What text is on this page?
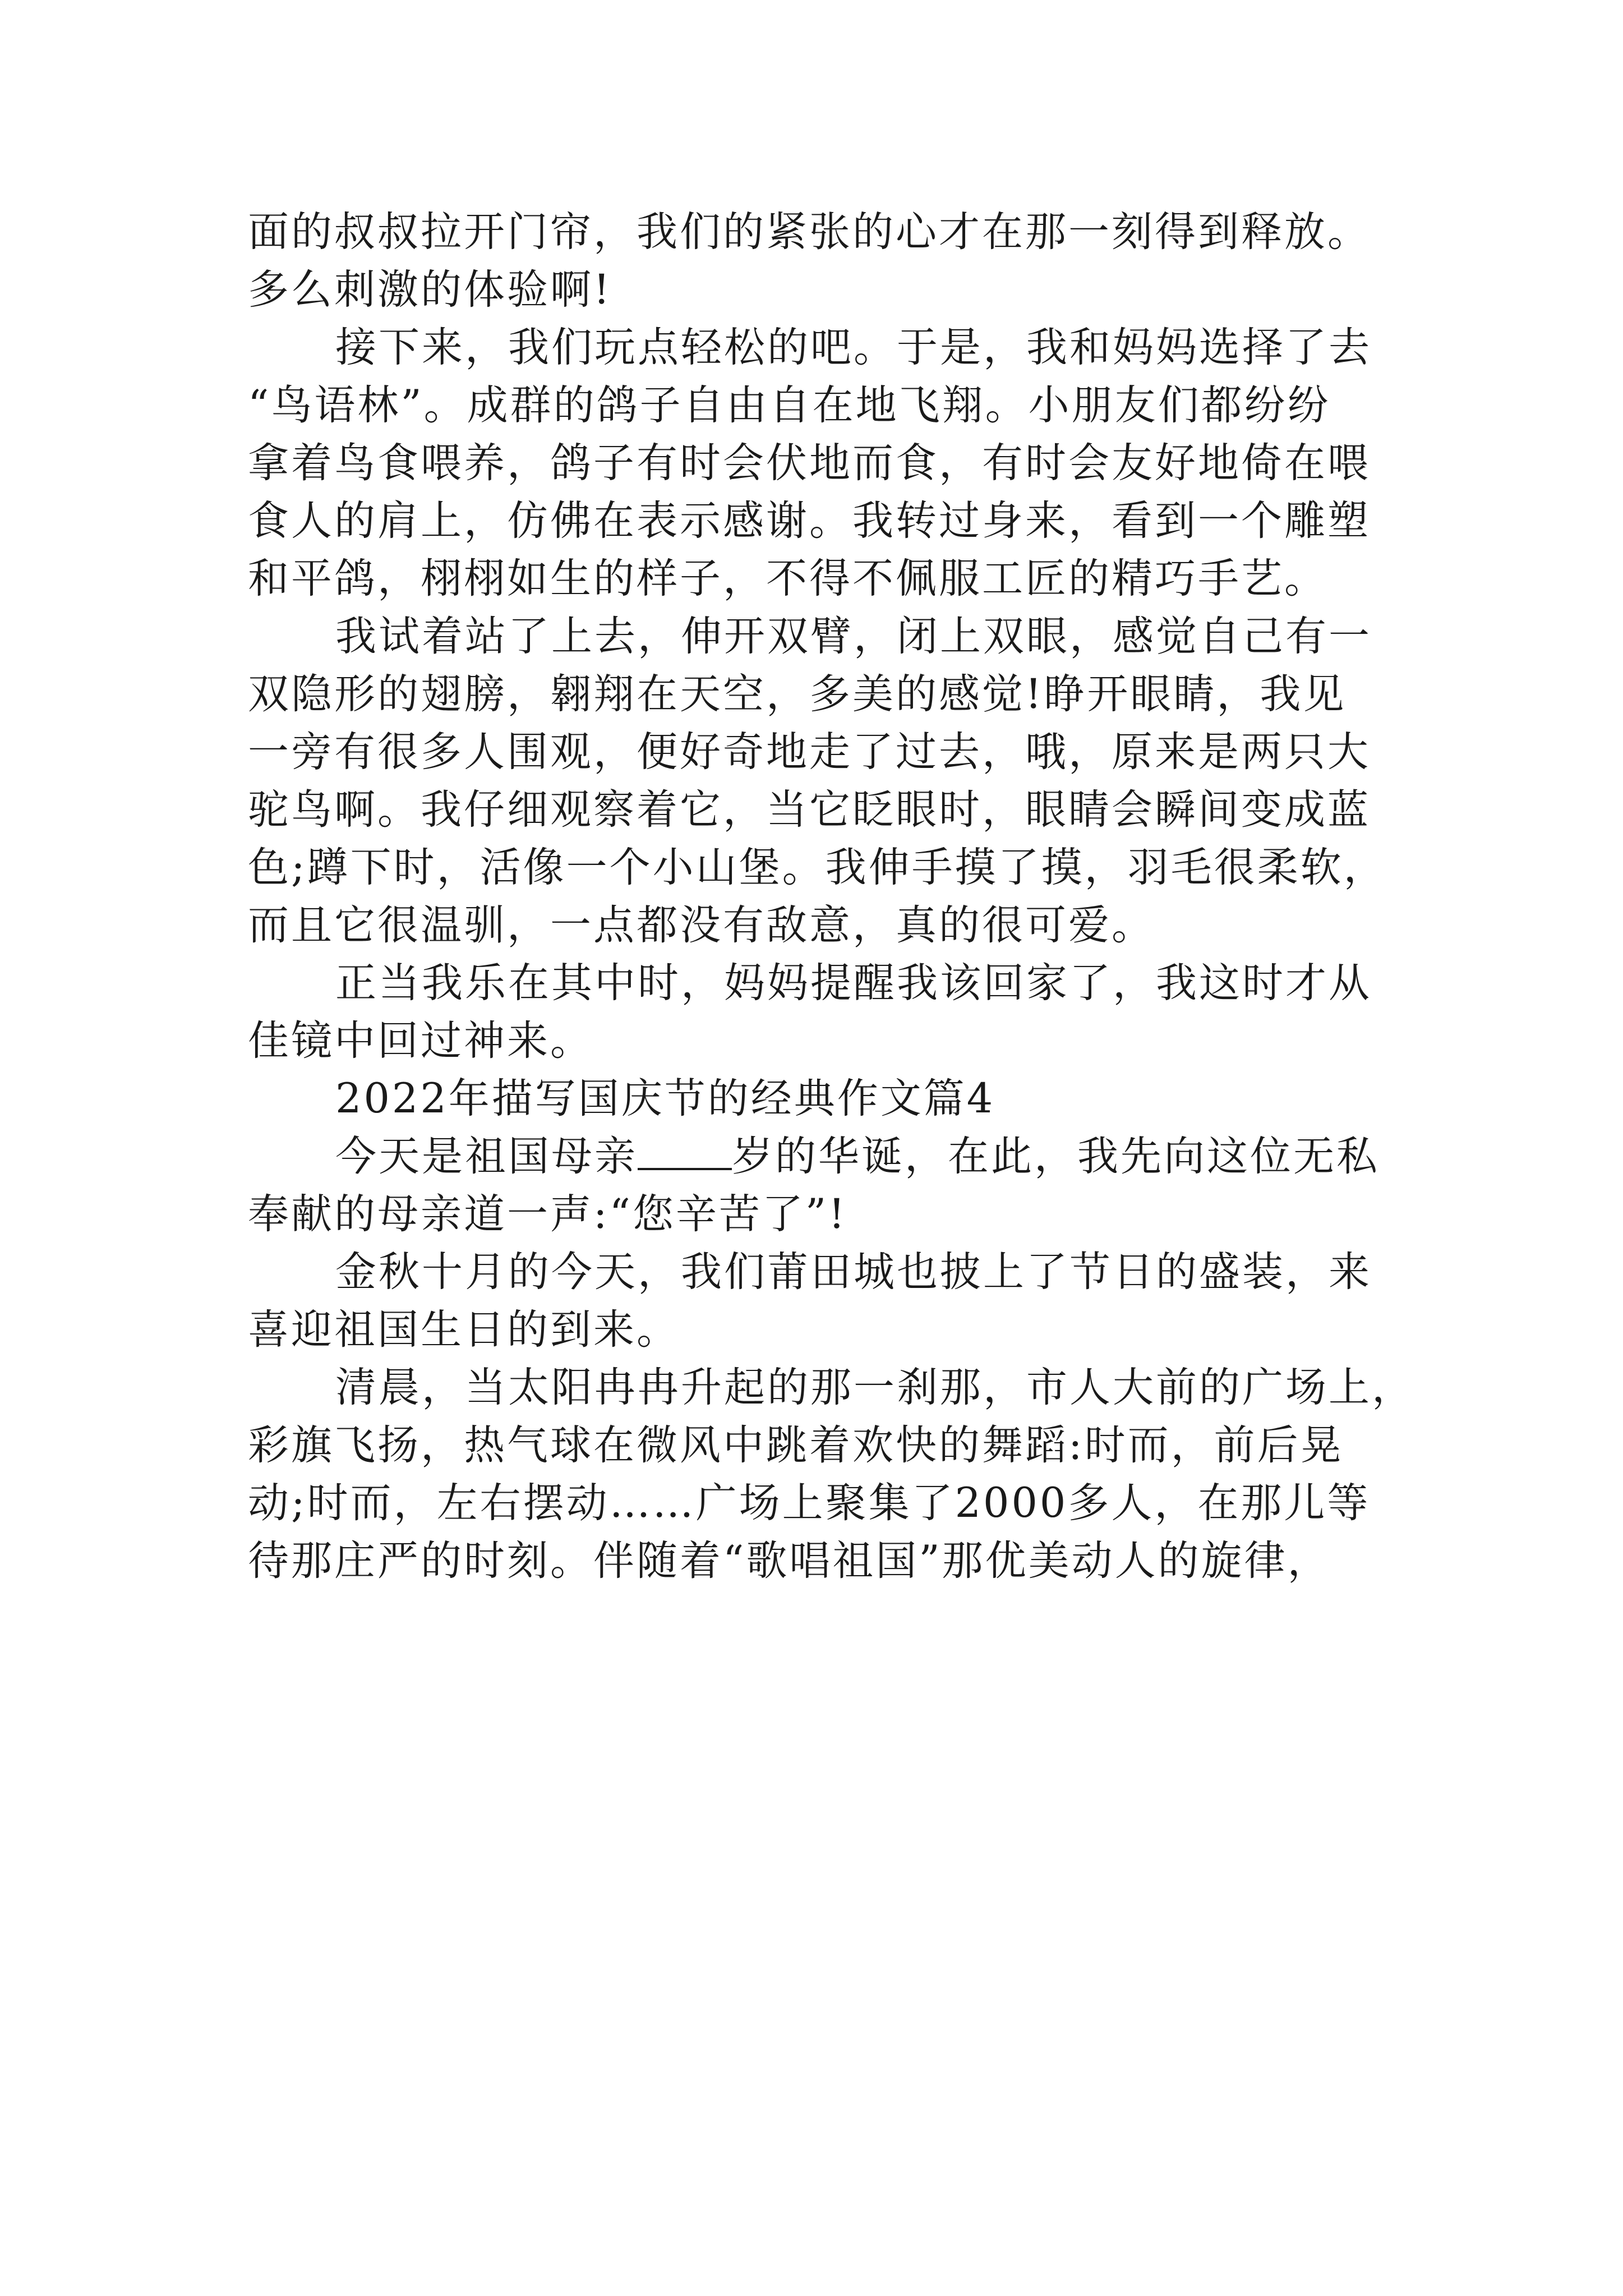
面的叔叔拉开门帘，我们的紧张的心才在那一刻得到释放。
多么刺激的体验啊!
接下来，我们玩点轻松的吧。于是，我和妈妈选择了去
“鸟语林”。成群的鸽子自由自在地飞翔。小朋友们都纷纷
拿着鸟食喂养，鸽子有时会伏地而食，有时会友好地倚在喂
食人的肩上，仿佛在表示感谢。我转过身来，看到一个雕塑
和平鸽，栩栩如生的样子，不得不佩服工匠的精巧手艺。
我试着站了上去，伸开双臂，闭上双眼，感觉自己有一
双隐形的翅膀，翱翔在天空，多美的感觉!睁开眼睛，我见
一旁有很多人围观，便好奇地走了过去，哦，原来是两只大
驼鸟啊。我仔细观察着它，当它眨眼时，眼睛会瞬间变成蓝
色;蹲下时，活像一个小山堡。我伸手摸了摸，羽毛很柔软，
而且它很温驯，一点都没有敌意，真的很可爱。
正当我乐在其中时，妈妈提醒我该回家了，我这时才从
佳镜中回过神来。
2022年描写国庆节的经典作文篇4
今天是祖国母亲 岁的华诞，在此，我先向这位无私
奉献的母亲道一声:“您辛苦了”!
金秋十月的今天，我们莆田城也披上了节日的盛装，来
喜迎祖国生日的到来。
清晨，当太阳冉冉升起的那一刹那，市人大前的广场上，
彩旗飞扬，热气球在微风中跳着欢快的舞蹈:时而，前后晃
动;时而，左右摆动……广场上聚集了2000多人，在那儿等
待那庄严的时刻。伴随着“歌唱祖国”那优美动人的旋律，
